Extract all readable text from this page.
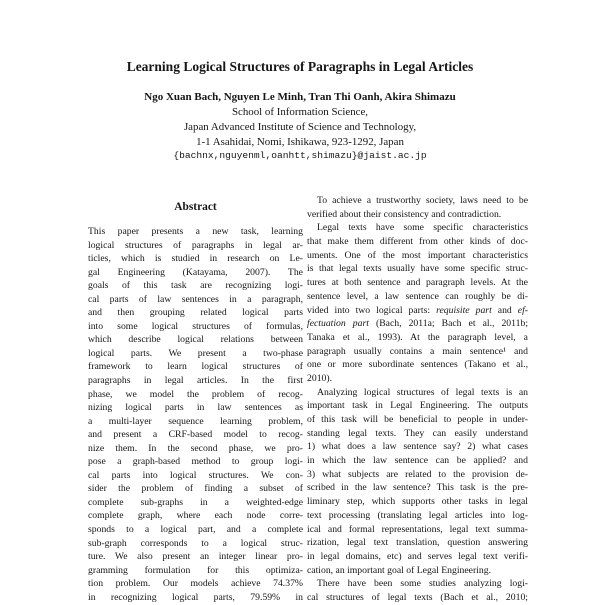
Learning Logical Structures of Paragraphs in Legal Articles
Ngo Xuan Bach, Nguyen Le Minh, Tran Thi Oanh, Akira Shimazu
School of Information Science,
Japan Advanced Institute of Science and Technology,
1-1 Asahidai, Nomi, Ishikawa, 923-1292, Japan
{bachnx,nguyenml,oanhtt,shimazu}@jaist.ac.jp
Abstract
This paper presents a new task, learning
logical structures of paragraphs in legal ar-
ticles, which is studied in research on Le-
gal Engineering (Katayama, 2007). The
goals of this task are recognizing logi-
cal parts of law sentences in a paragraph,
and then grouping related logical parts
into some logical structures of formulas,
which describe logical relations between
logical parts. We present a two-phase
framework to learn logical structures of
paragraphs in legal articles. In the first
phase, we model the problem of recog-
nizing logical parts in law sentences as
a multi-layer sequence learning problem,
and present a CRF-based model to recog-
nize them. In the second phase, we pro-
pose a graph-based method to group logi-
cal parts into logical structures. We con-
sider the problem of finding a subset of
complete sub-graphs in a weighted-edge
complete graph, where each node corre-
sponds to a logical part, and a complete
sub-graph corresponds to a logical struc-
ture. We also present an integer linear pro-
gramming formulation for this optimiza-
tion problem. Our models achieve 74.37%
in recognizing logical parts, 79.59% in
To achieve a trustworthy society, laws need to be
verified about their consistency and contradiction.
Legal texts have some specific characteristics
that make them different from other kinds of doc-
uments. One of the most important characteristics
is that legal texts usually have some specific struc-
tures at both sentence and paragraph levels. At the
sentence level, a law sentence can roughly be di-
vided into two logical parts: requisite part and ef-
fectuation part (Bach, 2011a; Bach et al., 2011b;
Tanaka et al., 1993). At the paragraph level, a
paragraph usually contains a main sentence¹ and
one or more subordinate sentences (Takano et al.,
2010).
Analyzing logical structures of legal texts is an
important task in Legal Engineering. The outputs
of this task will be beneficial to people in under-
standing legal texts. They can easily understand
1) what does a law sentence say? 2) what cases
in which the law sentence can be applied? and
3) what subjects are related to the provision de-
scribed in the law sentence? This task is the pre-
liminary step, which supports other tasks in legal
text processing (translating legal articles into log-
ical and formal representations, legal text summa-
rization, legal text translation, question answering
in legal domains, etc) and serves legal text verifi-
cation, an important goal of Legal Engineering.
There have been some studies analyzing logi-
cal structures of legal texts (Bach et al., 2010;
